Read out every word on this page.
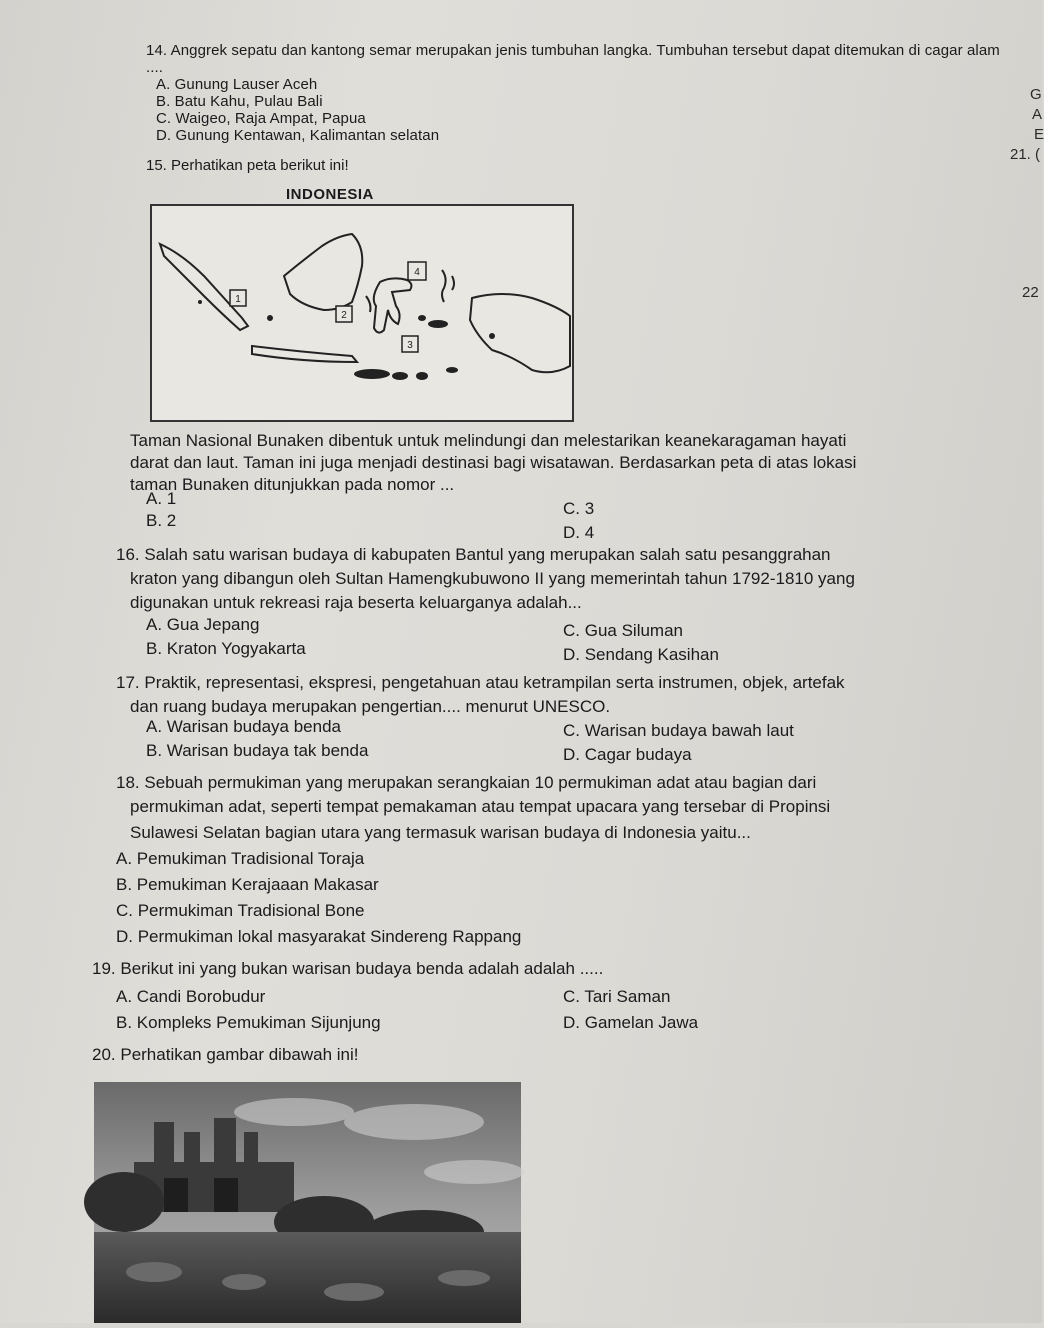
14. Anggrek sepatu dan kantong semar merupakan jenis tumbuhan langka. Tumbuhan tersebut dapat ditemukan di cagar alam ....
A. Gunung Lauser Aceh
B. Batu Kahu, Pulau Bali
C. Waigeo, Raja Ampat, Papua
D. Gunung Kentawan, Kalimantan selatan
G
A
E
21. (
22
15. Perhatikan peta berikut ini!
INDONESIA
1
2
3
4
Taman Nasional Bunaken dibentuk untuk melindungi dan melestarikan keanekaragaman hayati
darat dan laut. Taman ini juga menjadi destinasi bagi wisatawan. Berdasarkan peta di atas lokasi
taman Bunaken ditunjukkan pada nomor ...
A. 1
B. 2
C. 3
D. 4
16. Salah satu warisan budaya di kabupaten Bantul yang merupakan salah satu pesanggrahan
kraton yang dibangun oleh Sultan Hamengkubuwono II yang memerintah tahun 1792-1810 yang
digunakan untuk rekreasi raja beserta keluarganya adalah...
A. Gua Jepang
B. Kraton Yogyakarta
C. Gua Siluman
D. Sendang Kasihan
17. Praktik, representasi, ekspresi, pengetahuan atau ketrampilan serta instrumen, objek, artefak
dan ruang budaya merupakan pengertian.... menurut UNESCO.
A. Warisan budaya benda
B. Warisan budaya tak benda
C. Warisan budaya bawah laut
D. Cagar budaya
18. Sebuah permukiman yang merupakan serangkaian 10 permukiman adat atau bagian dari
permukiman adat, seperti tempat pemakaman atau tempat upacara yang tersebar di Propinsi
Sulawesi Selatan bagian utara yang termasuk warisan budaya di Indonesia yaitu...
A. Pemukiman Tradisional Toraja
B. Pemukiman Kerajaaan Makasar
C. Permukiman Tradisional Bone
D. Permukiman lokal masyarakat Sindereng Rappang
19. Berikut ini yang bukan warisan budaya benda adalah adalah .....
A. Candi Borobudur
B. Kompleks Pemukiman Sijunjung
C. Tari Saman
D. Gamelan Jawa
20. Perhatikan gambar dibawah ini!
